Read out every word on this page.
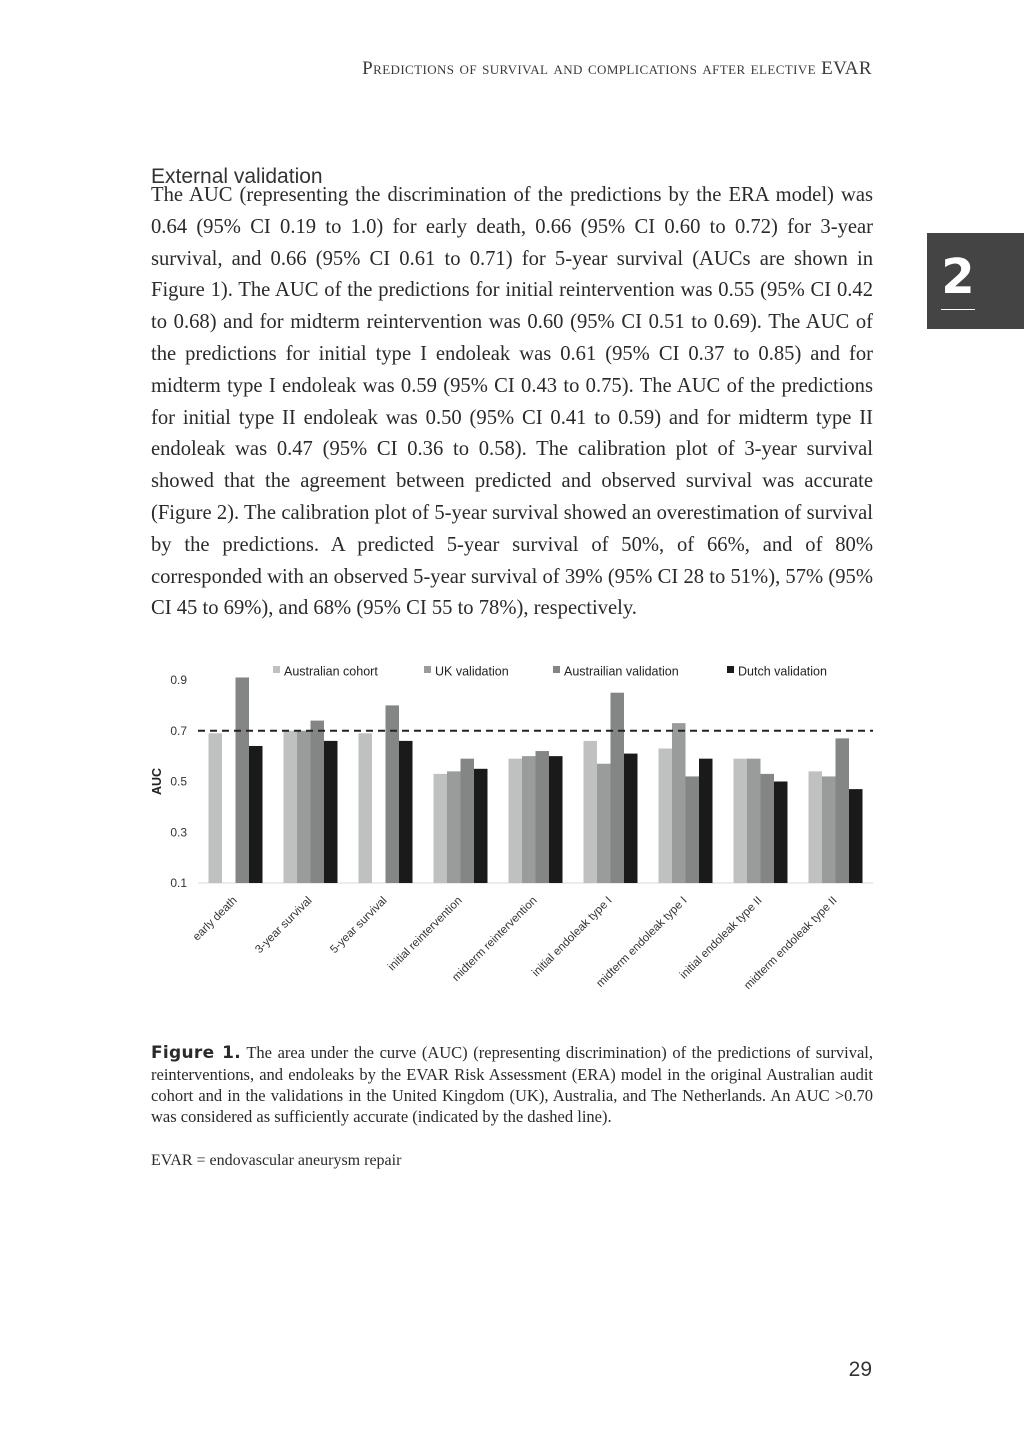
Predictions of survival and complications after elective EVAR
2
External validation

The AUC (representing the discrimination of the predictions by the ERA model) was 0.64 (95% CI 0.19 to 1.0) for early death, 0.66 (95% CI 0.60 to 0.72) for 3-year survival, and 0.66 (95% CI 0.61 to 0.71) for 5-year survival (AUCs are shown in Figure 1). The AUC of the predictions for initial reintervention was 0.55 (95% CI 0.42 to 0.68) and for midterm reintervention was 0.60 (95% CI 0.51 to 0.69). The AUC of the predictions for initial type I endoleak was 0.61 (95% CI 0.37 to 0.85) and for midterm type I endoleak was 0.59 (95% CI 0.43 to 0.75). The AUC of the predictions for initial type II endoleak was 0.50 (95% CI 0.41 to 0.59) and for midterm type II endoleak was 0.47 (95% CI 0.36 to 0.58). The calibration plot of 3-year survival showed that the agreement between predicted and observed survival was accurate (Figure 2). The calibration plot of 5-year survival showed an overestimation of survival by the predictions. A predicted 5-year survival of 50%, of 66%, and of 80% corresponded with an observed 5-year survival of 39% (95% CI 28 to 51%), 57% (95% CI 45 to 69%), and 68% (95% CI 55 to 78%), respectively.

0.9
0.7
0.5
0.3
0.1
AUC
early death 3-year survival 5-year survival
initial reintervention
midterm reintervention
initial endoleak type I
midterm endoleak type I
initial endoleak type II
midterm endoleak type II
Australian cohort	UK validation	Austrailian validation	Dutch validation

Figure 1. The area under the curve (AUC) (representing discrimination) of the predictions of survival, reinterventions, and endoleaks by the EVAR Risk Assessment (ERA) model in the original Australian audit cohort and in the validations in the United Kingdom (UK), Australia, and The Netherlands. An AUC >0.70 was considered as sufficiently accurate (indicated by the dashed line).

EVAR = endovascular aneurysm repair
29
